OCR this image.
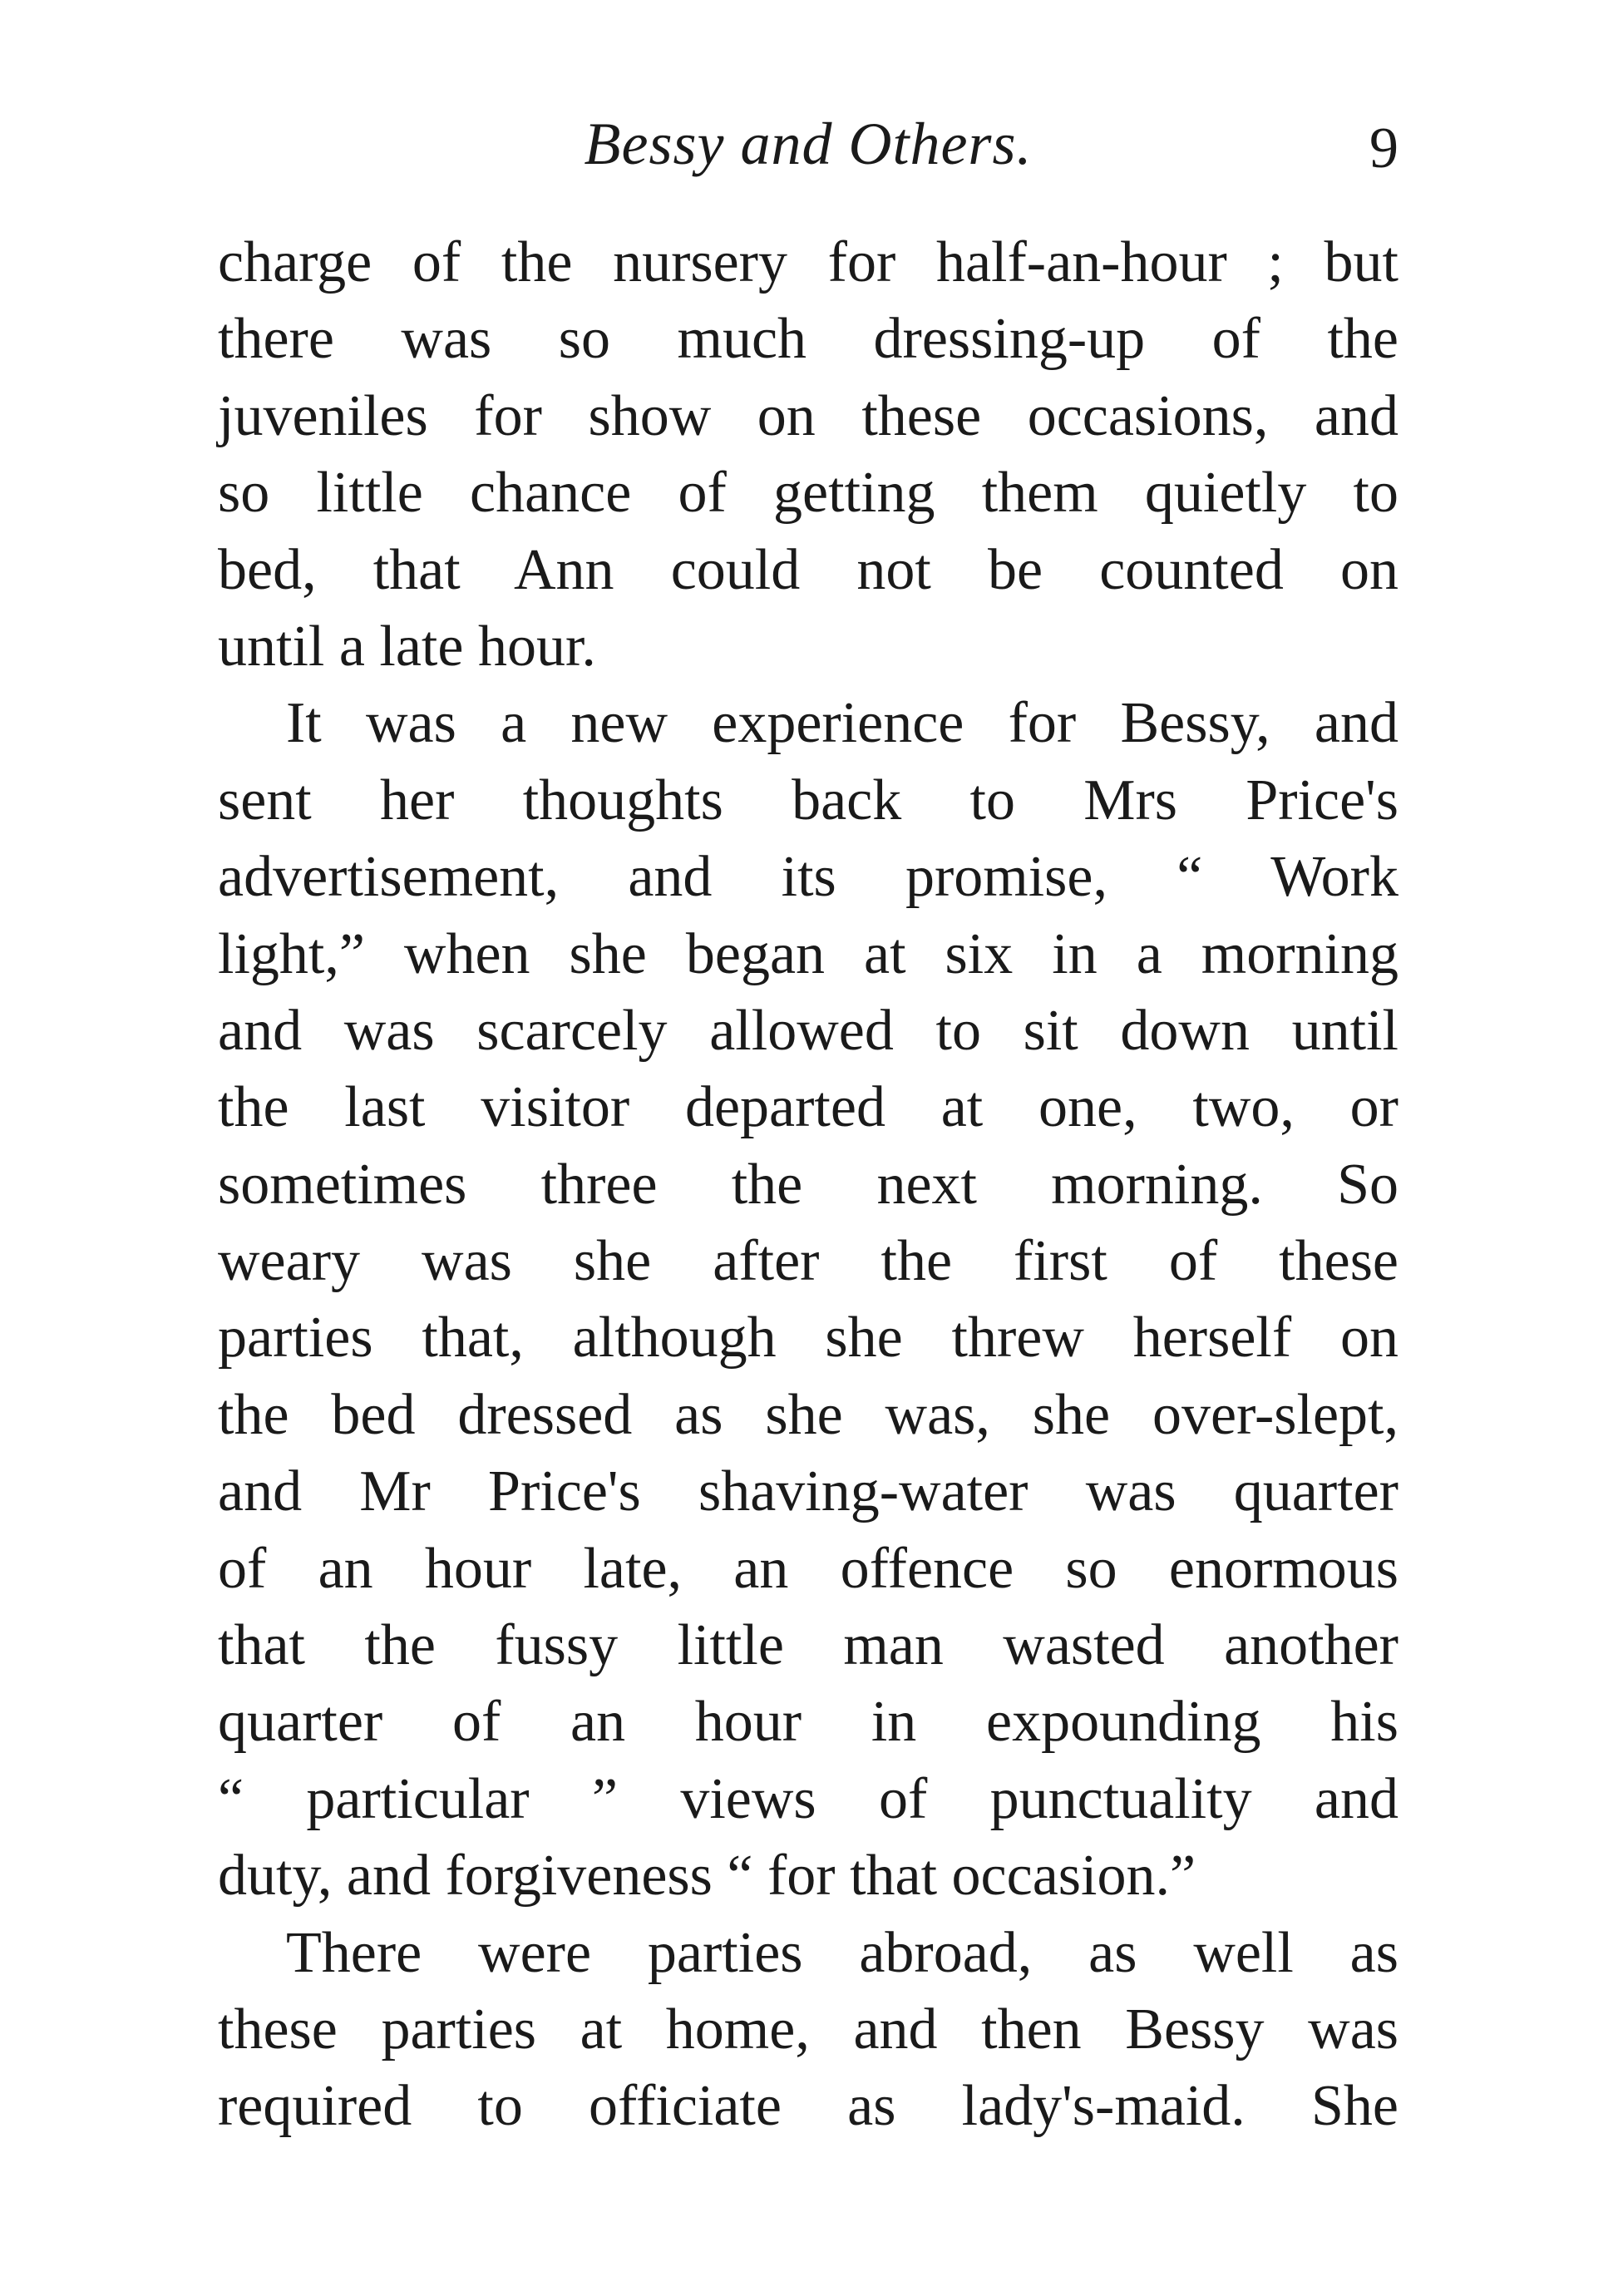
Bessy and Others.	9
charge of the nursery for half-an-hour ; but
there was so much dressing-up of the
juveniles for show on these occasions, and
so little chance of getting them quietly to
bed, that Ann could not be counted on
until a late hour.
It was a new experience for Bessy, and
sent her thoughts back to Mrs Price's
advertisement, and its promise, “ Work
light,” when she began at six in a morning
and was scarcely allowed to sit down until
the last visitor departed at one, two, or
sometimes three the next morning. So
weary was she after the first of these
parties that, although she threw herself on
the bed dressed as she was, she over-slept,
and Mr Price's shaving-water was quarter
of an hour late, an offence so enormous
that the fussy little man wasted another
quarter of an hour in expounding his
“ particular ” views of punctuality and
duty, and forgiveness “ for that occasion.”
There were parties abroad, as well as
these parties at home, and then Bessy was
required to officiate as lady's-maid. She
